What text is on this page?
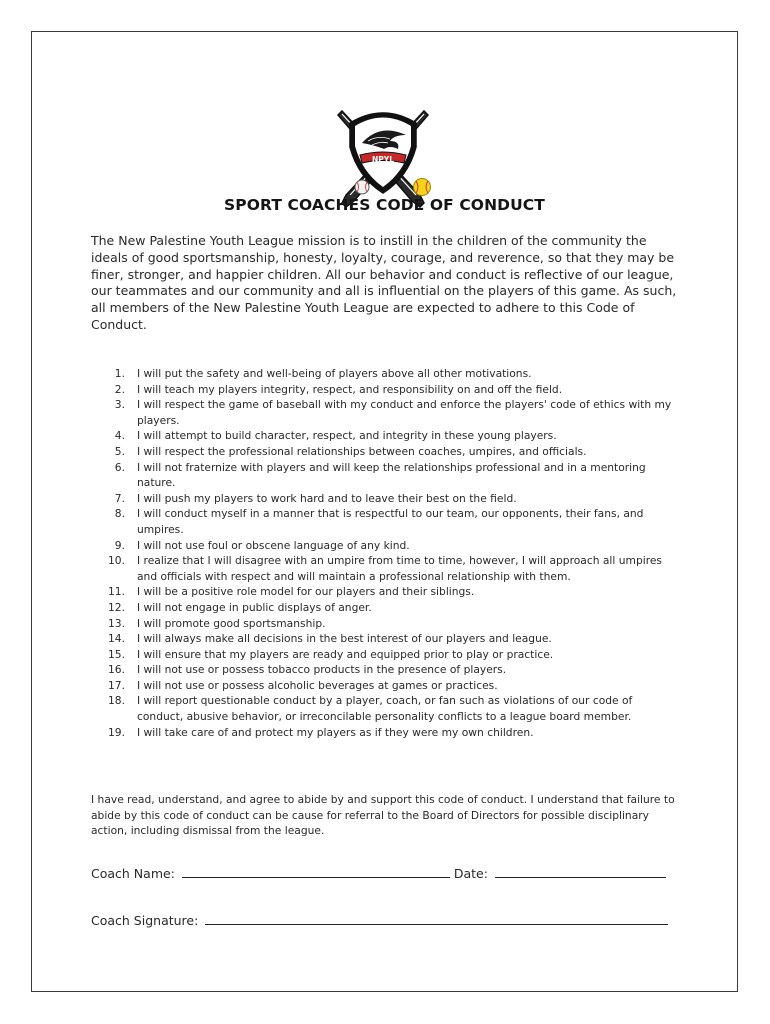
NPYL
SPORT COACHES CODE OF CONDUCT
The New Palestine Youth League mission is to instill in the children of the community the ideals of good sportsmanship, honesty, loyalty, courage, and reverence, so that they may be finer, stronger, and happier children. All our behavior and conduct is reflective of our league, our teammates and our community and all is influential on the players of this game. As such, all members of the New Palestine Youth League are expected to adhere to this Code of Conduct.
1. I will put the safety and well-being of players above all other motivations.
2. I will teach my players integrity, respect, and responsibility on and off the field.
3. I will respect the game of baseball with my conduct and enforce the players' code of ethics with my players.
4. I will attempt to build character, respect, and integrity in these young players.
5. I will respect the professional relationships between coaches, umpires, and officials.
6. I will not fraternize with players and will keep the relationships professional and in a mentoring nature.
7. I will push my players to work hard and to leave their best on the field.
8. I will conduct myself in a manner that is respectful to our team, our opponents, their fans, and umpires.
9. I will not use foul or obscene language of any kind.
10. I realize that I will disagree with an umpire from time to time, however, I will approach all umpires and officials with respect and will maintain a professional relationship with them.
11. I will be a positive role model for our players and their siblings.
12. I will not engage in public displays of anger.
13. I will promote good sportsmanship.
14. I will always make all decisions in the best interest of our players and league.
15. I will ensure that my players are ready and equipped prior to play or practice.
16. I will not use or possess tobacco products in the presence of players.
17. I will not use or possess alcoholic beverages at games or practices.
18. I will report questionable conduct by a player, coach, or fan such as violations of our code of conduct, abusive behavior, or irreconcilable personality conflicts to a league board member.
19. I will take care of and protect my players as if they were my own children.
I have read, understand, and agree to abide by and support this code of conduct. I understand that failure to abide by this code of conduct can be cause for referral to the Board of Directors for possible disciplinary action, including dismissal from the league.
Coach Name:	Date:
Coach Signature:
